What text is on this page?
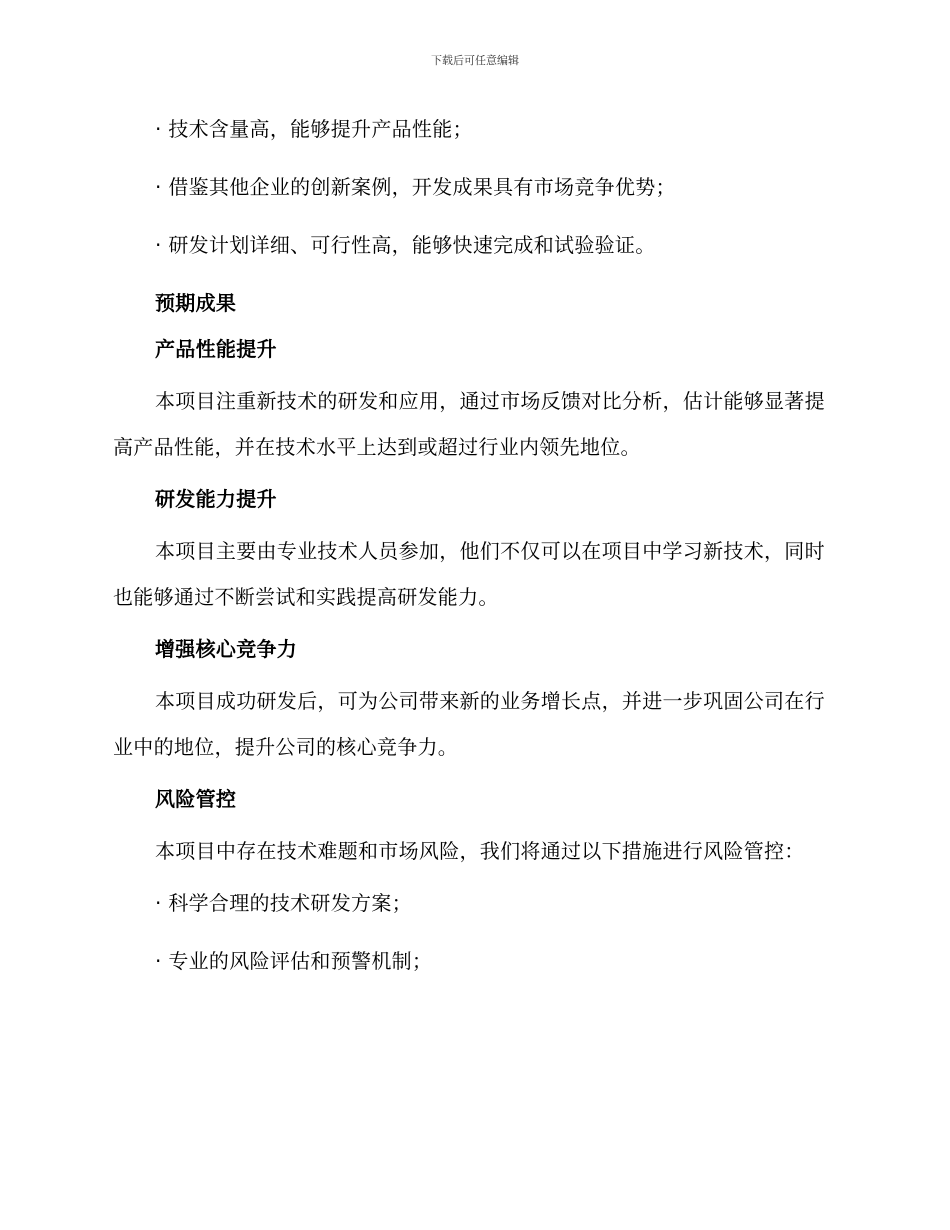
下载后可任意编辑

· 技术含量高，能够提升产品性能；

· 借鉴其他企业的创新案例，开发成果具有市场竞争优势；

· 研发计划详细、可行性高，能够快速完成和试验验证。

预期成果

产品性能提升

本项目注重新技术的研发和应用，通过市场反馈对比分析，估计能够显著提高产品性能，并在技术水平上达到或超过行业内领先地位。

研发能力提升

本项目主要由专业技术人员参加，他们不仅可以在项目中学习新技术，同时也能够通过不断尝试和实践提高研发能力。

增强核心竞争力

本项目成功研发后，可为公司带来新的业务增长点，并进一步巩固公司在行业中的地位，提升公司的核心竞争力。

风险管控

本项目中存在技术难题和市场风险，我们将通过以下措施进行风险管控：

· 科学合理的技术研发方案；

· 专业的风险评估和预警机制；
